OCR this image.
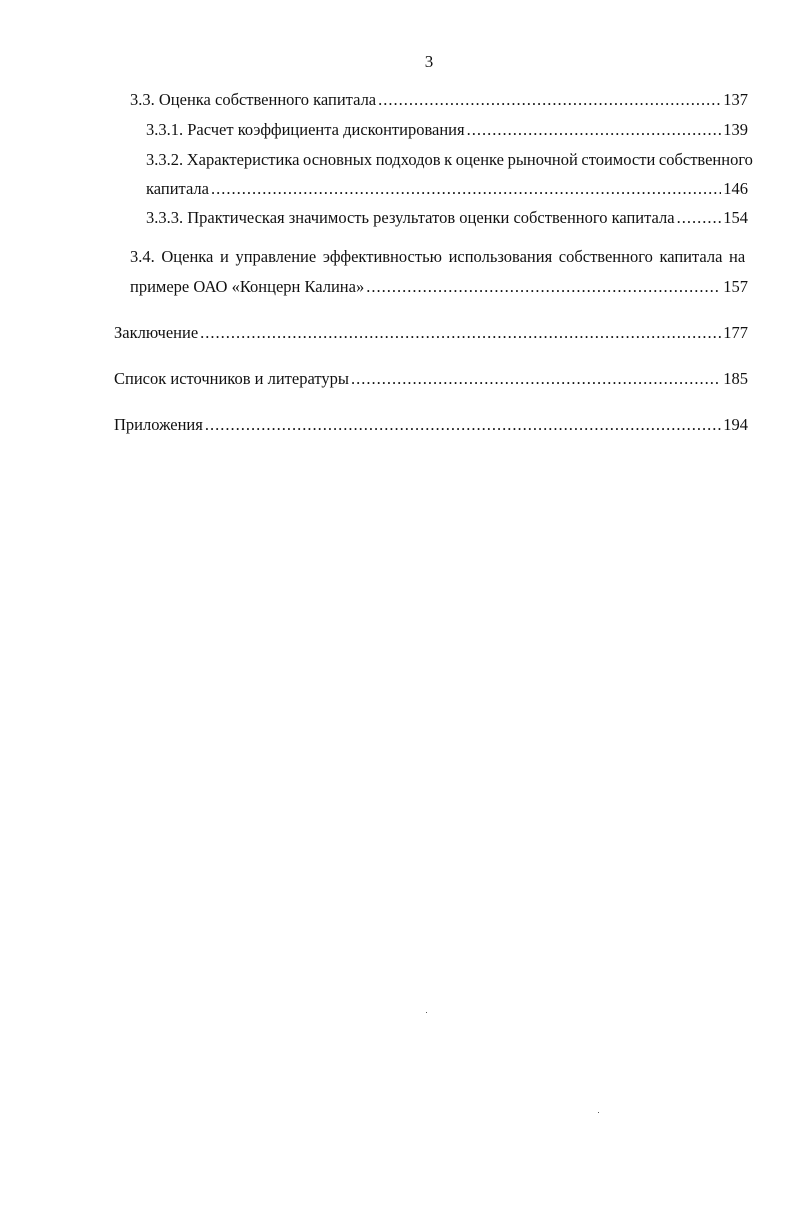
3
3.3. Оценка собственного капитала .....	137
3.3.1. Расчет коэффициента дисконтирования .....	139
3.3.2. Характеристика основных подходов к оценке рыночной стоимости собственного
капитала .....	146
3.3.3. Практическая значимость результатов оценки собственного капитала .....	154
3.4. Оценка и управление эффективностью использования собственного капитала на
примере ОАО «Концерн Калина» .....	157
Заключение .....	177
Список источников и литературы .....	185
Приложения .....	194
